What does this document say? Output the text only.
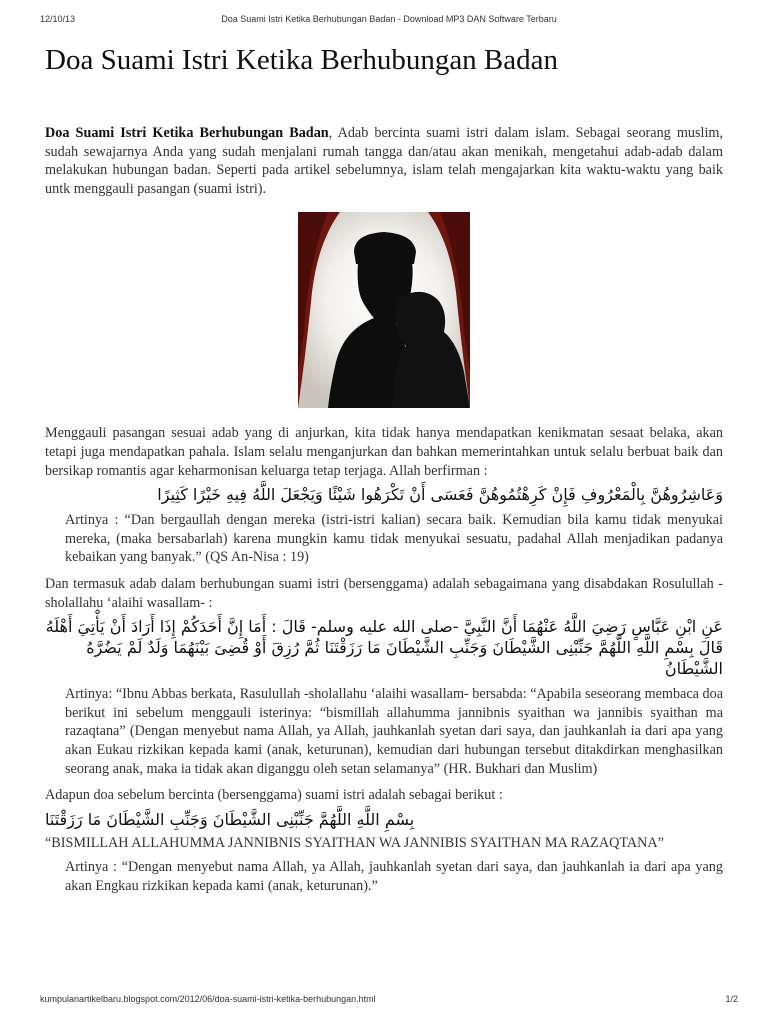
12/10/13	Doa Suami Istri Ketika Berhubungan Badan - Download MP3 DAN Software Terbaru
Doa Suami Istri Ketika Berhubungan Badan

Doa Suami Istri Ketika Berhubungan Badan, Adab bercinta suami istri dalam islam. Sebagai seorang muslim, sudah sewajarnya Anda yang sudah menjalani rumah tangga dan/atau akan menikah, mengetahui adab-adab dalam melakukan hubungan badan. Seperti pada artikel sebelumnya, islam telah mengajarkan kita waktu-waktu yang baik untk menggauli pasangan (suami istri).

Menggauli pasangan sesuai adab yang di anjurkan, kita tidak hanya mendapatkan kenikmatan sesaat belaka, akan tetapi juga mendapatkan pahala. Islam selalu menganjurkan dan bahkan memerintahkan untuk selalu berbuat baik dan bersikap romantis agar keharmonisan keluarga tetap terjaga. Allah berfirman :

وَعَاشِرُوهُنَّ بِالْمَعْرُوفِ فَإِنْ كَرِهْتُمُوهُنَّ فَعَسَى أَنْ تَكْرَهُوا شَيْئًا وَيَجْعَلَ اللَّهُ فِيهِ خَيْرًا كَثِيرًا

Artinya : “Dan bergaullah dengan mereka (istri-istri kalian) secara baik. Kemudian bila kamu tidak menyukai mereka, (maka bersabarlah) karena mungkin kamu tidak menyukai sesuatu, padahal Allah menjadikan padanya kebaikan yang banyak.” (QS An-Nisa : 19)

Dan termasuk adab dalam berhubungan suami istri (bersenggama) adalah sebagaimana yang disabdakan Rosulullah -sholallahu ‘alaihi wasallam- :

عَنِ ابْنِ عَبَّاسٍ رَضِيَ اللَّهُ عَنْهُمَا أَنَّ النَّبِيَّ -صلى الله عليه وسلم- قَالَ : أَمَا إِنَّ أَحَدَكُمْ إِذَا أَرَادَ أَنْ يَأْتِيَ أَهْلَهُ قَالَ بِسْمِ اللَّهِ اللَّهُمَّ جَنِّبْنِى الشَّيْطَانَ وَجَنِّبِ الشَّيْطَانَ مَا رَزَقْتَنَا ثُمَّ رُزِقَ أَوْ قُضِىَ بَيْنَهُمَا وَلَدٌ لَمْ يَضُرَّهُ الشَّيْطَانُ

Artinya: “Ibnu Abbas berkata, Rasulullah -sholallahu ‘alaihi wasallam- bersabda: “Apabila seseorang membaca doa berikut ini sebelum menggauli isterinya: “bismillah allahumma jannibnis syaithan wa jannibis syaithan ma razaqtana” (Dengan menyebut nama Allah, ya Allah, jauhkanlah syetan dari saya, dan jauhkanlah ia dari apa yang akan Eukau rizkikan kepada kami (anak, keturunan), kemudian dari hubungan tersebut ditakdirkan menghasilkan seorang anak, maka ia tidak akan diganggu oleh setan selamanya” (HR. Bukhari dan Muslim)

Adapun doa sebelum bercinta (bersenggama) suami istri adalah sebagai berikut :

بِسْمِ اللَّهِ اللَّهُمَّ جَنِّبْنِى الشَّيْطَانَ وَجَنِّبِ الشَّيْطَانَ مَا رَزَقْتَنَا
“BISMILLAH ALLAHUMMA JANNIBNIS SYAITHAN WA JANNIBIS SYAITHAN MA RAZAQTANA”

Artinya : “Dengan menyebut nama Allah, ya Allah, jauhkanlah syetan dari saya, dan jauhkanlah ia dari apa yang akan Engkau rizkikan kepada kami (anak, keturunan).”

kumpulanartikelbaru.blogspot.com/2012/06/doa-suami-istri-ketika-berhubungan.html	1/2
